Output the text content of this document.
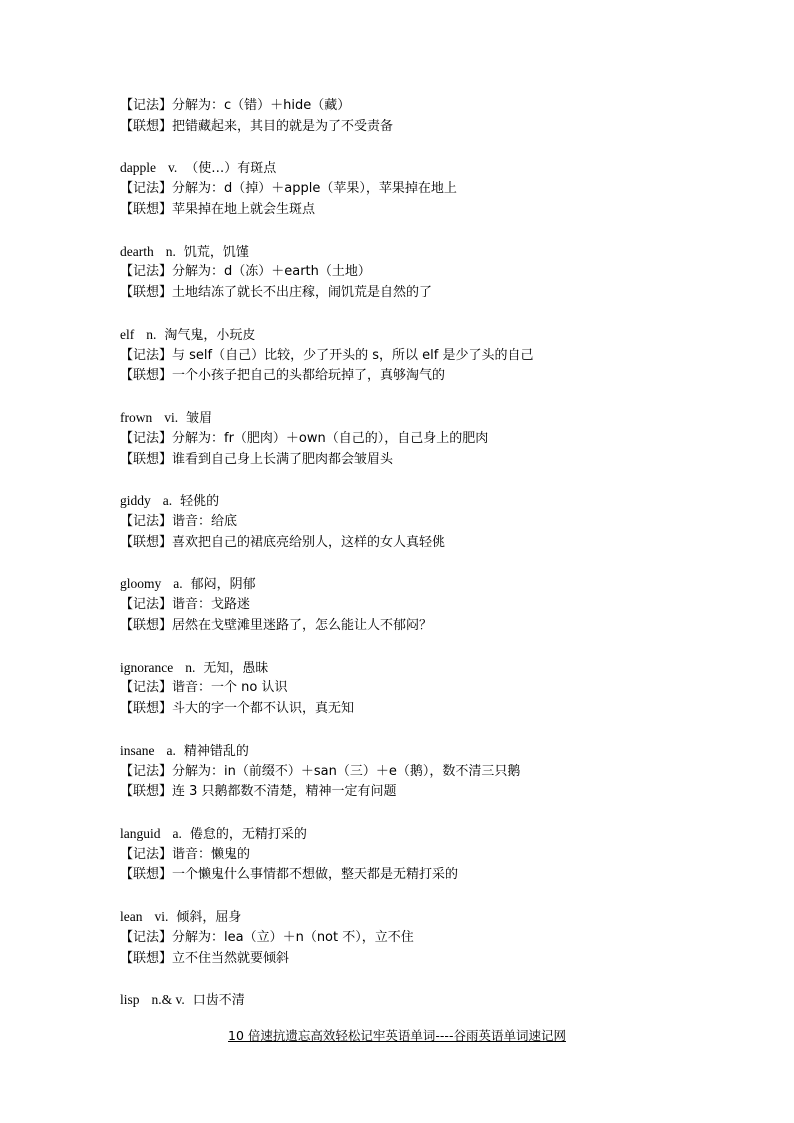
【记法】分解为：c（错）＋hide（藏）
【联想】把错藏起来，其目的就是为了不受责备
dapple v. （使…）有斑点
【记法】分解为：d（掉）＋apple（苹果），苹果掉在地上
【联想】苹果掉在地上就会生斑点
dearth n. 饥荒，饥馑
【记法】分解为：d（冻）＋earth（土地）
【联想】土地结冻了就长不出庄稼，闹饥荒是自然的了
elf n. 淘气鬼，小玩皮
【记法】与 self（自己）比较，少了开头的 s，所以 elf 是少了头的自己
【联想】一个小孩子把自己的头都给玩掉了，真够淘气的
frown vi. 皱眉
【记法】分解为：fr（肥肉）＋own（自己的），自己身上的肥肉
【联想】谁看到自己身上长满了肥肉都会皱眉头
giddy a. 轻佻的
【记法】谐音：给底
【联想】喜欢把自己的裙底亮给别人，这样的女人真轻佻
gloomy a. 郁闷，阴郁
【记法】谐音：戈路迷
【联想】居然在戈壁滩里迷路了，怎么能让人不郁闷？
ignorance n. 无知，愚昧
【记法】谐音：一个 no 认识
【联想】斗大的字一个都不认识，真无知
insane a. 精神错乱的
【记法】分解为：in（前缀不）＋san（三）＋e（鹅），数不清三只鹅
【联想】连 3 只鹅都数不清楚，精神一定有问题
languid a. 倦怠的，无精打采的
【记法】谐音：懒鬼的
【联想】一个懒鬼什么事情都不想做，整天都是无精打采的
lean vi. 倾斜，屈身
【记法】分解为：lea（立）＋n（not 不），立不住
【联想】立不住当然就要倾斜
lisp n.& v. 口齿不清
10 倍速抗遗忘高效轻松记牢英语单词----谷雨英语单词速记网
